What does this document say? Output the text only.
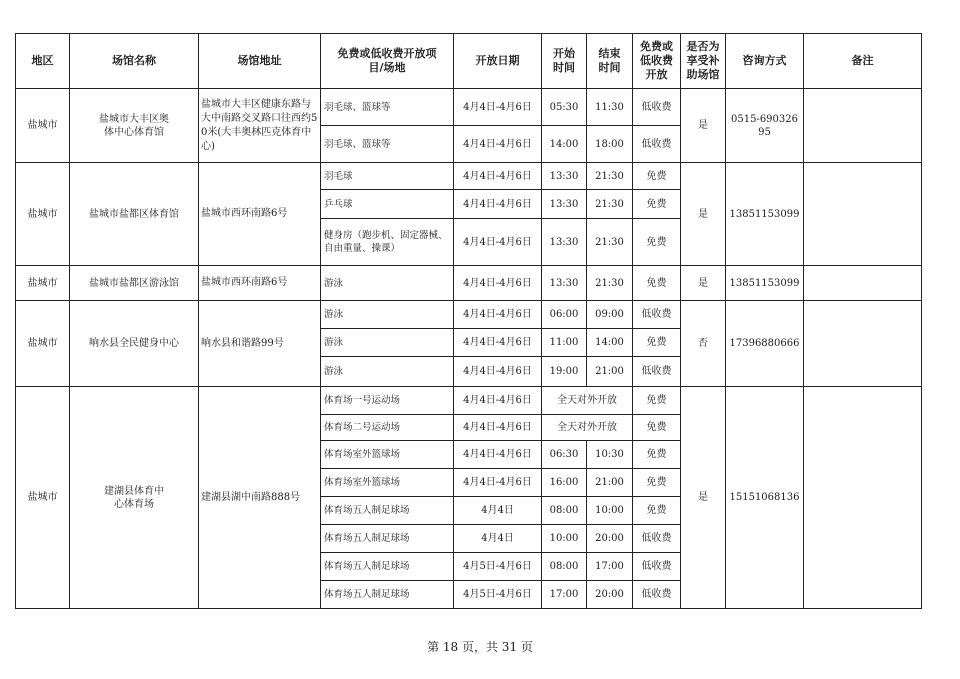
地区	场馆名称	场馆地址	免费或低收费开放项目/场地	开放日期	开始时间	结束时间	免费或低收费开放	是否为享受补助场馆	咨询方式	备注
盐城市	盐城市大丰区奥体中心体育馆	盐城市大丰区健康东路与大中南路交叉路口往西约50米(大丰奥林匹克体育中心)	羽毛球、篮球等	4月4日-4月6日	05:30	11:30	低收费	是	0515-69032695	
			羽毛球、篮球等	4月4日-4月6日	14:00	18:00	低收费			
盐城市	盐城市盐都区体育馆	盐城市西环南路6号	羽毛球	4月4日-4月6日	13:30	21:30	免费	是	13851153099	
			乒乓球	4月4日-4月6日	13:30	21:30	免费			
			健身房（跑步机、固定器械、自由重量、操课）	4月4日-4月6日	13:30	21:30	免费			
盐城市	盐城市盐都区游泳馆	盐城市西环南路6号	游泳	4月4日-4月6日	13:30	21:30	免费	是	13851153099	
盐城市	响水县全民健身中心	响水县和谐路99号	游泳	4月4日-4月6日	06:00	09:00	低收费	否	17396880666	
			游泳	4月4日-4月6日	11:00	14:00	免费			
			游泳	4月4日-4月6日	19:00	21:00	低收费			
盐城市	建湖县体育中心体育场	建湖县湖中南路888号	体育场一号运动场	4月4日-4月6日	全天对外开放		免费	是	15151068136	
			体育场二号运动场	4月4日-4月6日	全天对外开放		免费			
			体育场室外篮球场	4月4日-4月6日	06:30	10:30	免费			
			体育场室外篮球场	4月4日-4月6日	16:00	21:00	免费			
			体育场五人制足球场	4月4日	08:00	10:00	免费			
			体育场五人制足球场	4月4日	10:00	20:00	低收费			
			体育场五人制足球场	4月5日-4月6日	08:00	17:00	低收费			
			体育场五人制足球场	4月5日-4月6日	17:00	20:00	低收费			
第 18 页，共 31 页
